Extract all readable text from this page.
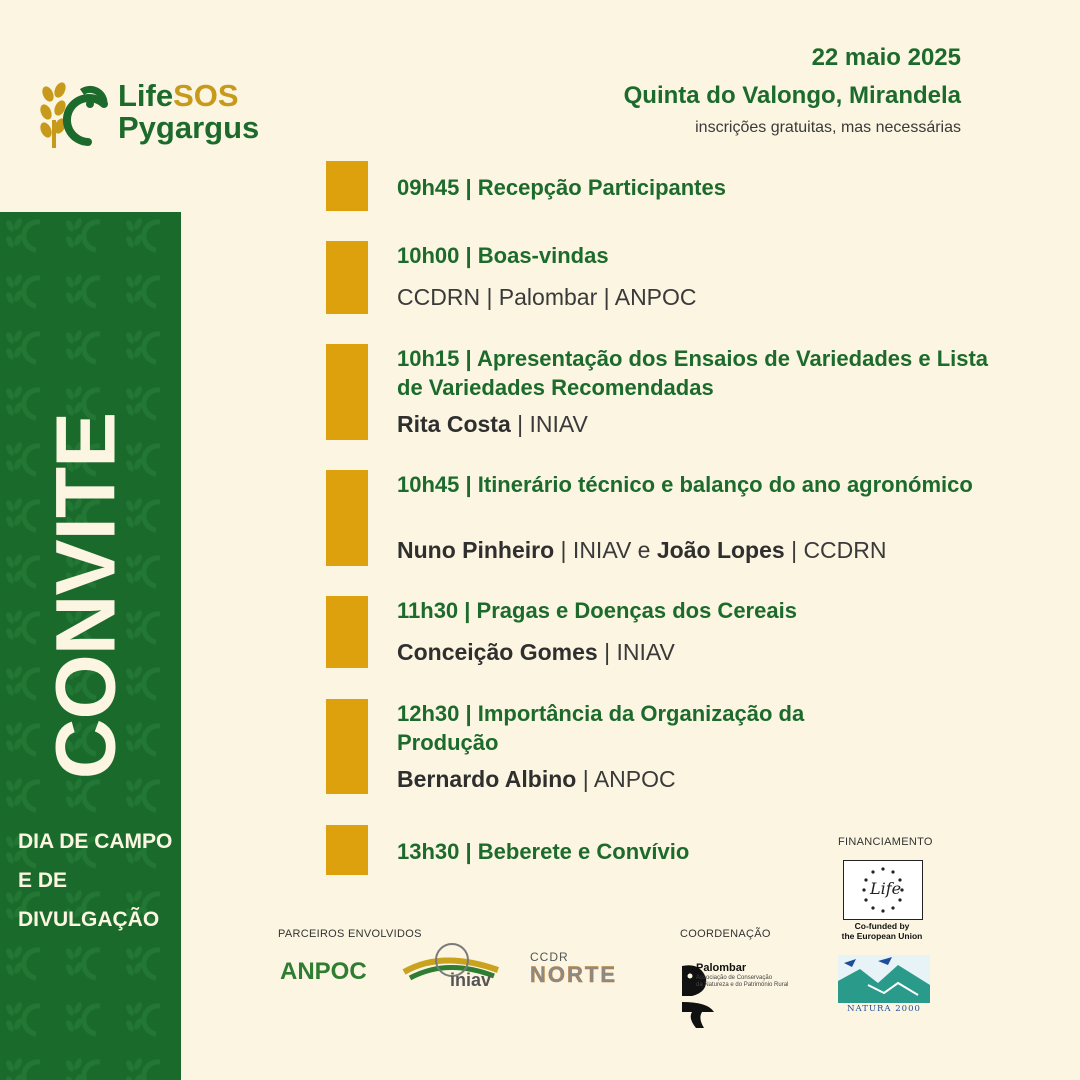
LifeSOS
Pygargus
22 maio 2025
Quinta do Valongo, Mirandela
inscrições gratuitas, mas necessárias
CONVITE
DIA DE CAMPO E DE DIVULGAÇÃO
09h45 | Recepção Participantes
10h00 | Boas-vindas
CCDRN | Palombar | ANPOC
10h15 | Apresentação dos Ensaios de Variedades e Lista de Variedades Recomendadas
Rita Costa | INIAV
10h45 | Itinerário técnico e balanço do ano agronómico
Nuno Pinheiro | INIAV e João Lopes | CCDRN
11h30 | Pragas e Doenças dos Cereais
Conceição Gomes | INIAV
12h30 | Importância da Organização da Produção
Bernardo Albino | ANPOC
13h30 | Beberete e Convívio
PARCEIROS ENVOLVIDOS	COORDENAÇÃO
FINANCIAMENTO
ANPOC	iniav
CCDR
NORTE	Palombar
Associação de Conservação
da Natureza e do Património Rural
Life
Co-funded by
the European Union
NATURA 2000
